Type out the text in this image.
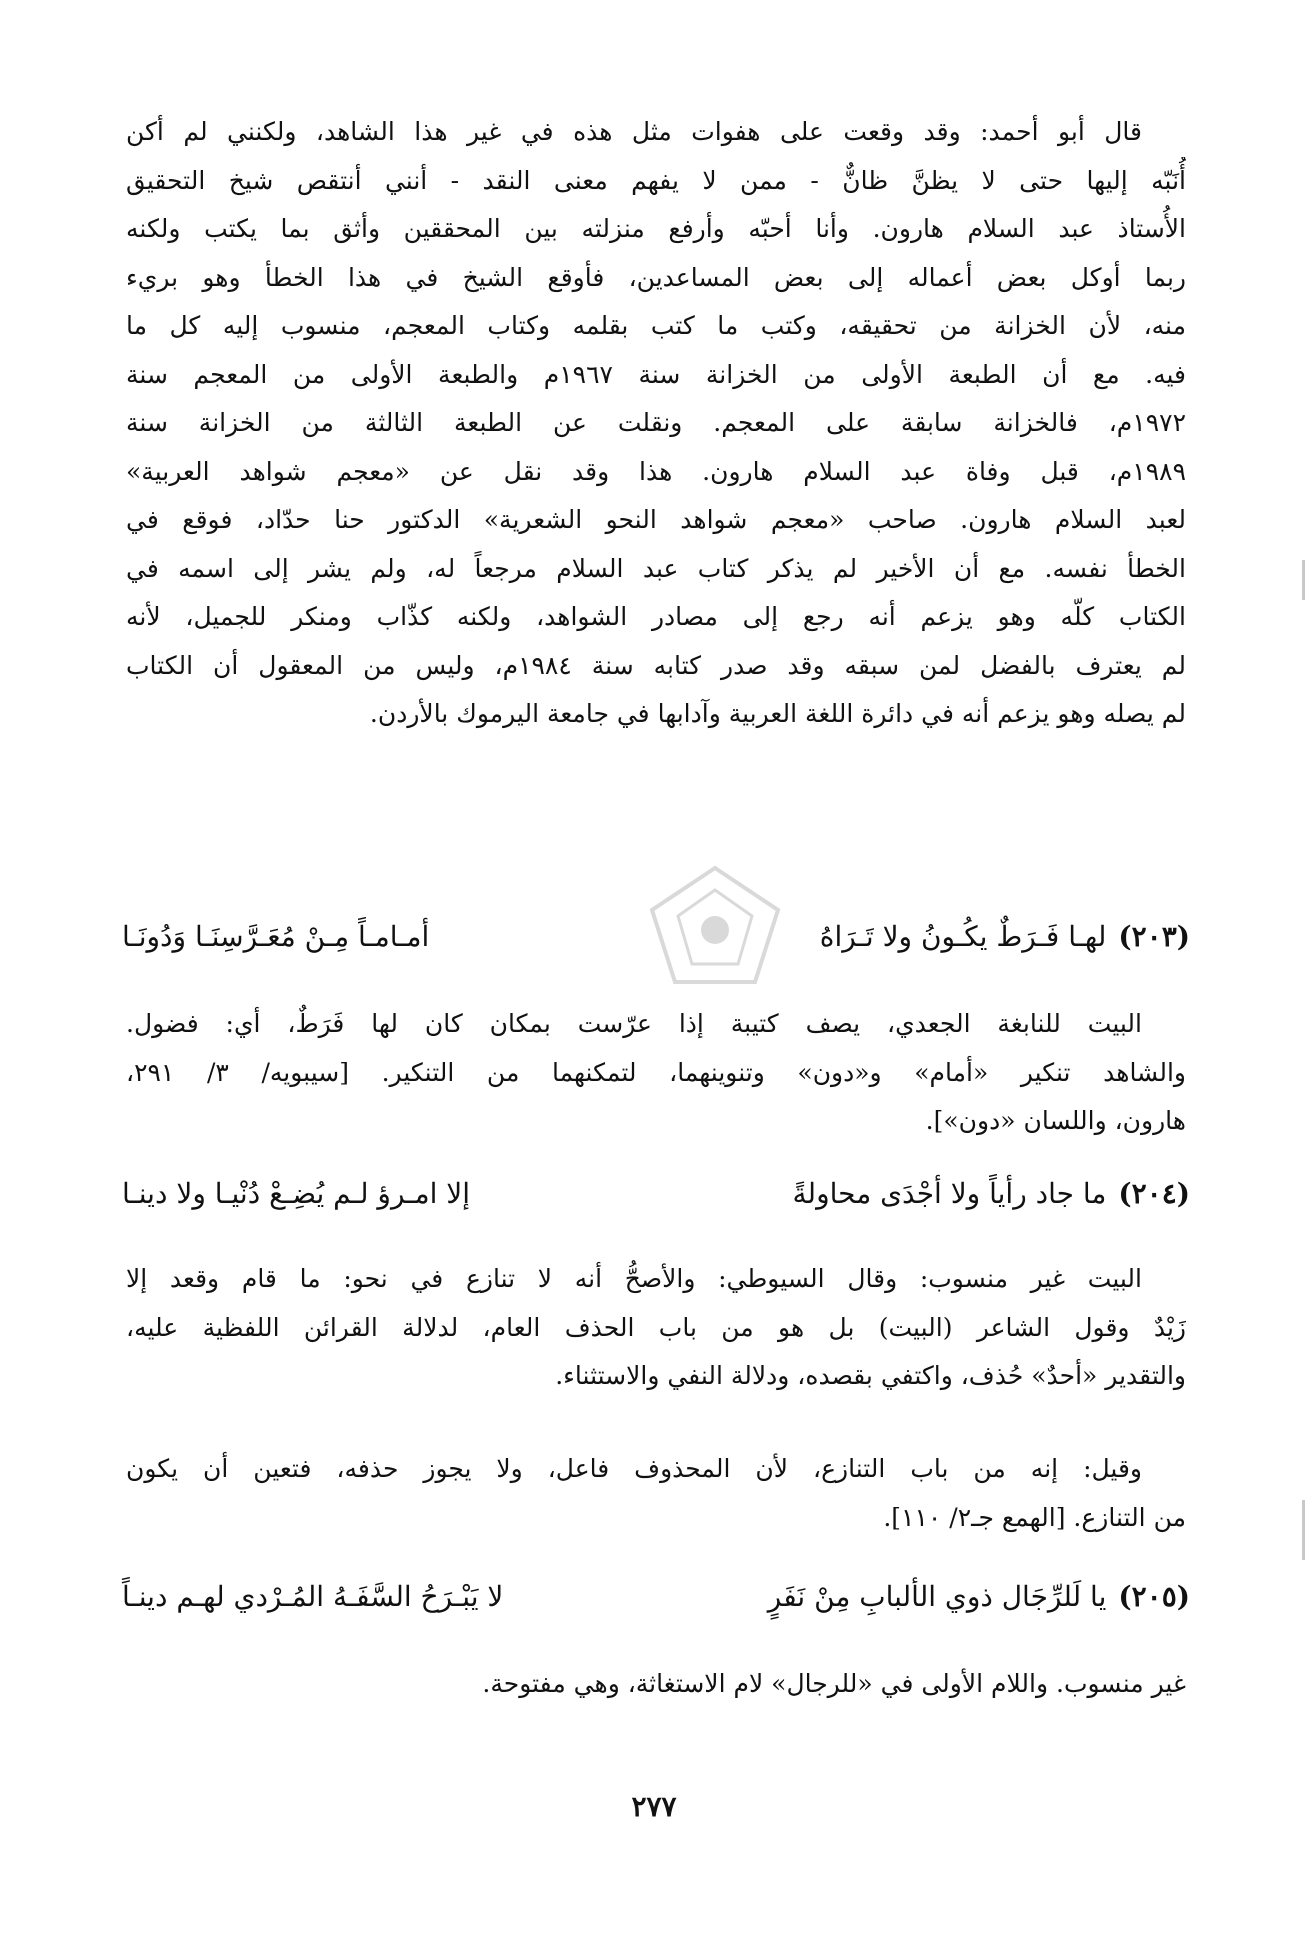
قال أبو أحمد: وقد وقعت على هفوات مثل هذه في غير هذا الشاهد، ولكنني لم أكن
أُنَبّه إليها حتى لا يظنَّ ظانٌّ - ممن لا يفهم معنى النقد - أنني أنتقص شيخ التحقيق
الأُستاذ عبد السلام هارون. وأنا أحبّه وأرفع منزلته بين المحققين وأثق بما يكتب ولكنه
ربما أوكل بعض أعماله إلى بعض المساعدين، فأوقع الشيخ في هذا الخطأ وهو بريء
منه، لأن الخزانة من تحقيقه، وكتب ما كتب بقلمه وكتاب المعجم، منسوب إليه كل ما
فيه. مع أن الطبعة الأولى من الخزانة سنة ١٩٦٧م والطبعة الأولى من المعجم سنة
١٩٧٢م، فالخزانة سابقة على المعجم. ونقلت عن الطبعة الثالثة من الخزانة سنة
١٩٨٩م، قبل وفاة عبد السلام هارون. هذا وقد نقل عن «معجم شواهد العربية»
لعبد السلام هارون. صاحب «معجم شواهد النحو الشعرية» الدكتور حنا حدّاد، فوقع في
الخطأ نفسه. مع أن الأخير لم يذكر كتاب عبد السلام مرجعاً له، ولم يشر إلى اسمه في
الكتاب كلّه وهو يزعم أنه رجع إلى مصادر الشواهد، ولكنه كذّاب ومنكر للجميل، لأنه
لم يعترف بالفضل لمن سبقه وقد صدر كتابه سنة ١٩٨٤م، وليس من المعقول أن الكتاب
لم يصله وهو يزعم أنه في دائرة اللغة العربية وآدابها في جامعة اليرموك بالأردن.
(٢٠٣)
لهـا فَـرَطٌ يكُـونُ ولا تَـرَاهُ
أمـامـاً مِـنْ مُعَـرَّسِنَـا وَدُونَـا
البيت للنابغة الجعدي، يصف كتيبة إذا عرّست بمكان كان لها فَرَطٌ، أي: فضول.
والشاهد تنكير «أمام» و«دون» وتنوينهما، لتمكنهما من التنكير. [سيبويه/ ٣/ ٢٩١،
هارون، واللسان «دون»].
(٢٠٤)
ما جاد رأياً ولا أجْدَى محاولةً
إلا امـرؤ لـم يُضِـعْ دُنْيـا ولا دينـا
البيت غير منسوب: وقال السيوطي: والأصحُّ أنه لا تنازع في نحو: ما قام وقعد إلا
زَيْدٌ وقول الشاعر (البيت) بل هو من باب الحذف العام، لدلالة القرائن اللفظية عليه،
والتقدير «أحدٌ» حُذف، واكتفي بقصده، ودلالة النفي والاستثناء.
وقيل: إنه من باب التنازع، لأن المحذوف فاعل، ولا يجوز حذفه، فتعين أن يكون
من التنازع. [الهمع جـ٢/ ١١٠].
(٢٠٥)
يا لَلرِّجَال ذوي الألبابِ مِنْ نَفَرٍ
لا يَبْـرَحُ السَّفَـهُ المُـرْدي لهـم دينـاً
غير منسوب. واللام الأولى في «للرجال» لام الاستغاثة، وهي مفتوحة.
٢٧٧
